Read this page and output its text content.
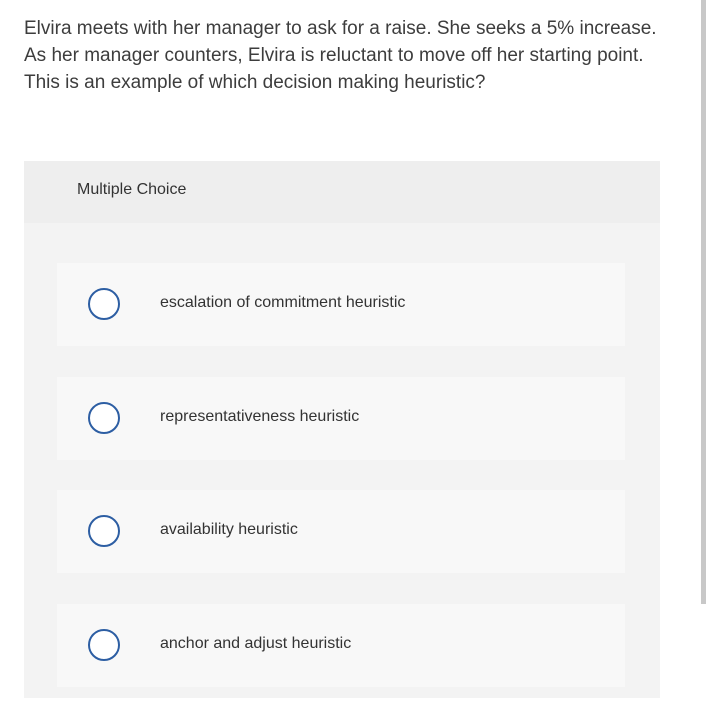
Elvira meets with her manager to ask for a raise. She seeks a 5% increase. As her manager counters, Elvira is reluctant to move off her starting point. This is an example of which decision making heuristic?

Multiple Choice
escalation of commitment heuristic
representativeness heuristic
availability heuristic
anchor and adjust heuristic
